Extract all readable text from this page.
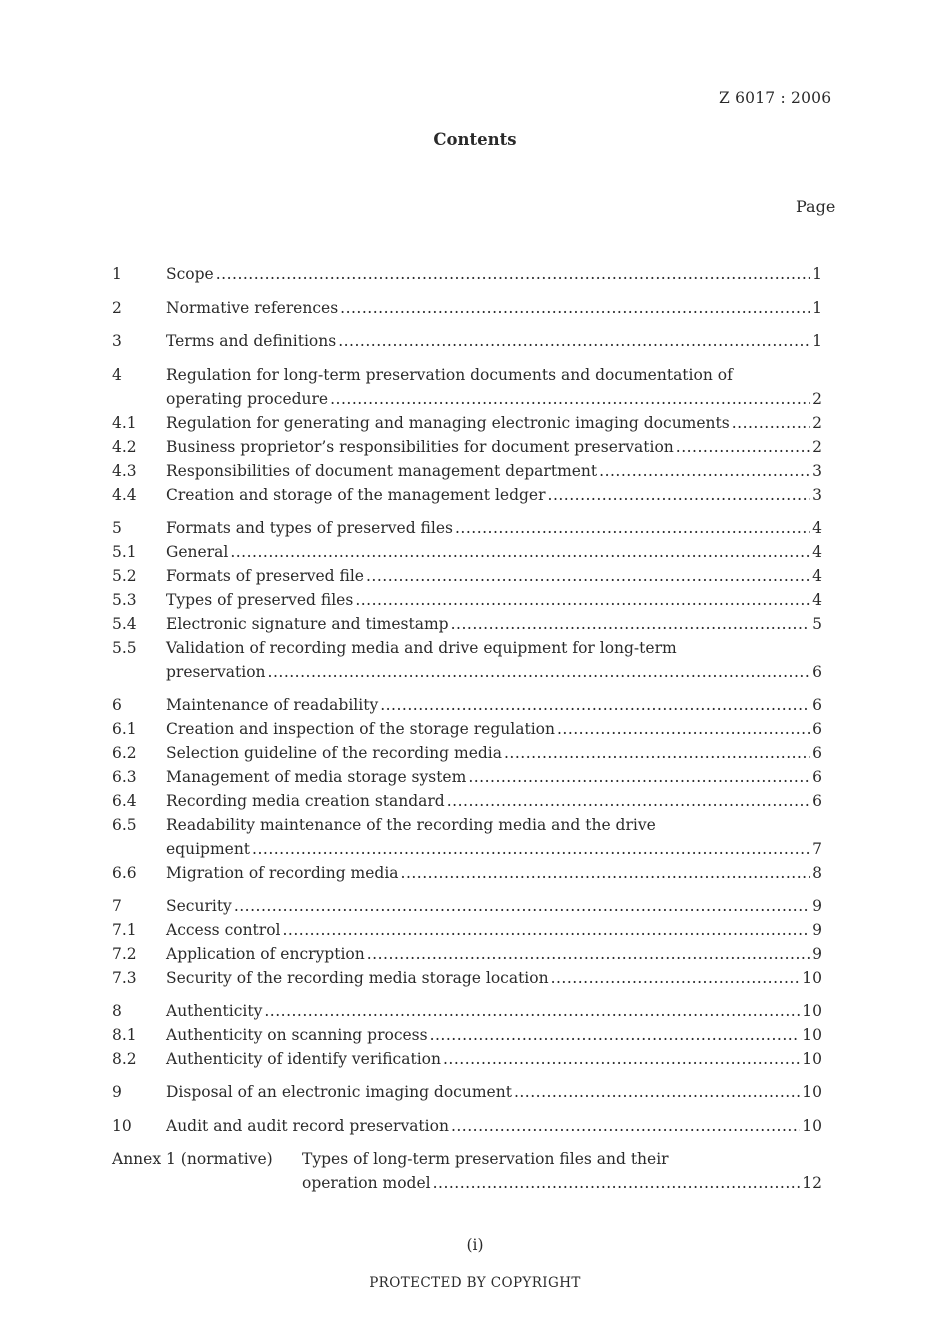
Z 6017 : 2006
Contents
Page
1	Scope .....	1
2	Normative references .....	1
3	Terms and definitions .....	1
4	Regulation for long-term preservation documents and documentation of
operating procedure .....	2
4.1 Regulation for generating and managing electronic imaging documents .....	2
4.2 Business proprietor’s responsibilities for document preservation .....	2
4.3 Responsibilities of document management department .....	3
4.4 Creation and storage of the management ledger .....	3
5	Formats and types of preserved files .....	4
5.1 General .....	4
5.2 Formats of preserved file .....	4
5.3 Types of preserved files .....	4
5.4 Electronic signature and timestamp .....	5
5.5 Validation of recording media and drive equipment for long-term
preservation .....	6
6	Maintenance of readability .....	6
6.1 Creation and inspection of the storage regulation .....	6
6.2 Selection guideline of the recording media .....	6
6.3 Management of media storage system .....	6
6.4 Recording media creation standard .....	6
6.5 Readability maintenance of the recording media and the drive
equipment .....	7
6.6 Migration of recording media .....	8
7	Security .....	9
7.1 Access control .....	9
7.2 Application of encryption .....	9
7.3 Security of the recording media storage location .....	10
8	Authenticity .....	10
8.1 Authenticity on scanning process .....	10
8.2 Authenticity of identify verification .....	10
9	Disposal of an electronic imaging document .....	10
10 Audit and audit record preservation .....	10
Annex 1 (normative) Types of long-term preservation files and their
operation model .....	12
(i)
PROTECTED BY COPYRIGHT
